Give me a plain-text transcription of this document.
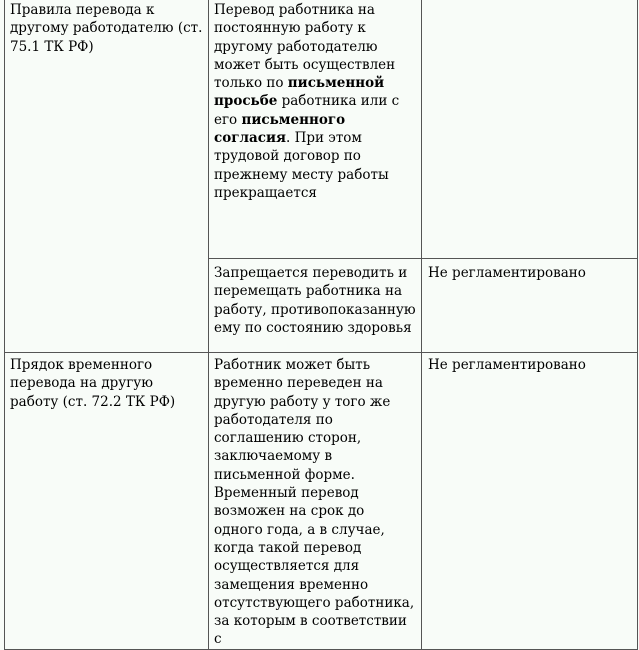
Правила перевода к другому работодателю (ст. 75.1 ТК РФ)	Перевод работника на постоянную работу к другому работодателю может быть осуществлен только по письменной просьбе работника или с его письменного согласия. При этом трудовой договор по прежнему месту работы прекращается	
	Запрещается переводить и перемещать работника на работу, противопоказанную ему по состоянию здоровья	Не регламентировано
Прядок временного перевода на другую работу (ст. 72.2 ТК РФ)	Работник может быть временно переведен на другую работу у того же работодателя по соглашению сторон, заключаемому в письменной форме. Временный перевод возможен на срок до одного года, а в случае, когда такой перевод осуществляется для замещения временно отсутствующего работника, за которым в соответствии с	Не регламентировано
